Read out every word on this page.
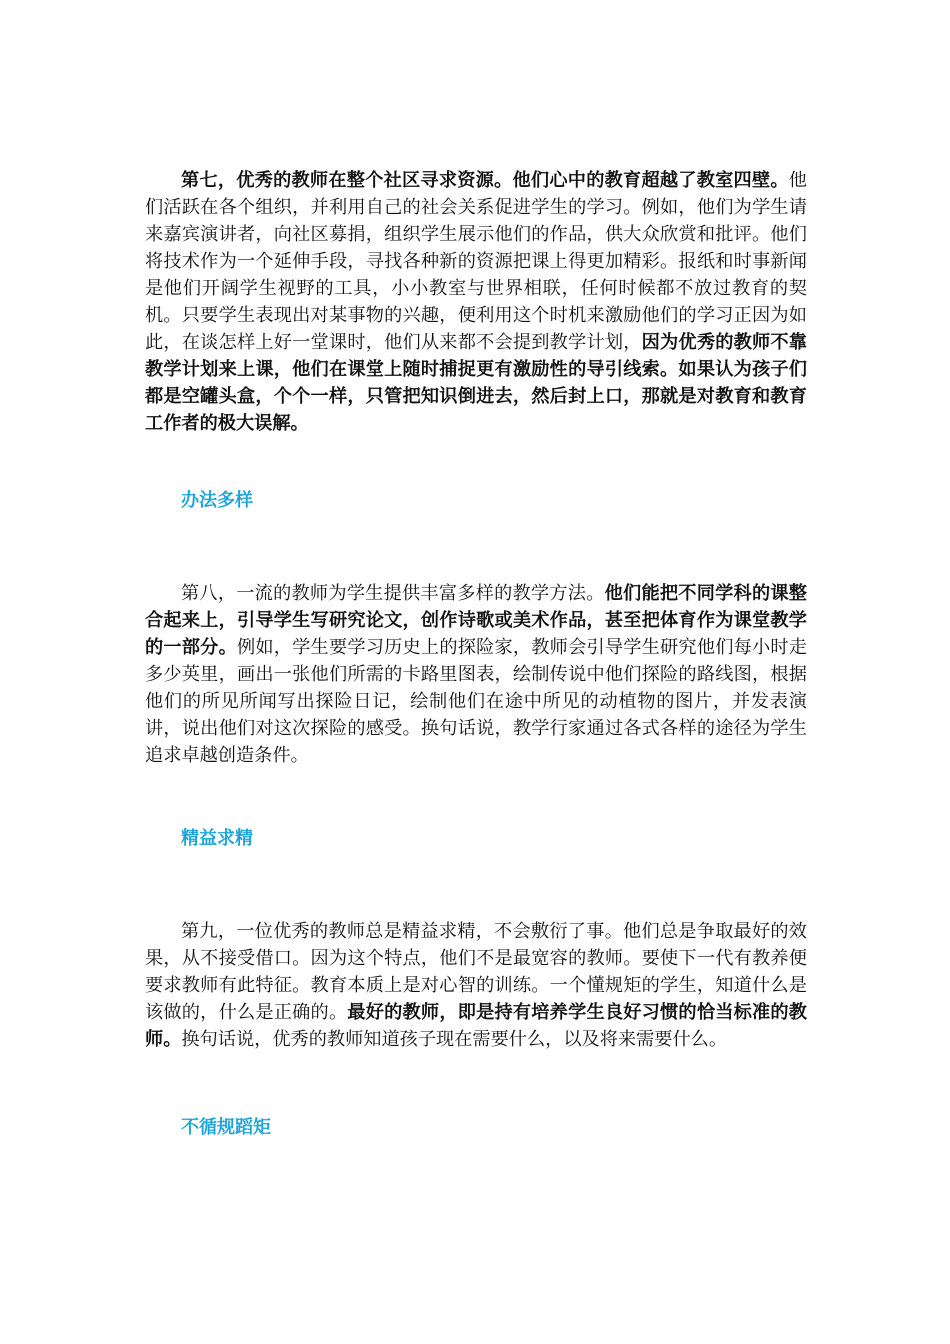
第七，优秀的教师在整个社区寻求资源。他们心中的教育超越了教室四壁。他们活跃在各个组织，并利用自己的社会关系促进学生的学习。例如，他们为学生请来嘉宾演讲者，向社区募捐，组织学生展示他们的作品，供大众欣赏和批评。他们将技术作为一个延伸手段，寻找各种新的资源把课上得更加精彩。报纸和时事新闻是他们开阔学生视野的工具，小小教室与世界相联，任何时候都不放过教育的契机。只要学生表现出对某事物的兴趣，便利用这个时机来激励他们的学习正因为如此，在谈怎样上好一堂课时，他们从来都不会提到教学计划，因为优秀的教师不靠教学计划来上课，他们在课堂上随时捕捉更有激励性的导引线索。如果认为孩子们都是空罐头盒，个个一样，只管把知识倒进去，然后封上口，那就是对教育和教育工作者的极大误解。

办法多样

第八，一流的教师为学生提供丰富多样的教学方法。他们能把不同学科的课整合起来上，引导学生写研究论文，创作诗歌或美术作品，甚至把体育作为课堂教学的一部分。例如，学生要学习历史上的探险家，教师会引导学生研究他们每小时走多少英里，画出一张他们所需的卡路里图表，绘制传说中他们探险的路线图，根据他们的所见所闻写出探险日记，绘制他们在途中所见的动植物的图片，并发表演讲，说出他们对这次探险的感受。换句话说，教学行家通过各式各样的途径为学生追求卓越创造条件。

精益求精

第九，一位优秀的教师总是精益求精，不会敷衍了事。他们总是争取最好的效果，从不接受借口。因为这个特点，他们不是最宽容的教师。要使下一代有教养便要求教师有此特征。教育本质上是对心智的训练。一个懂规矩的学生，知道什么是该做的，什么是正确的。最好的教师，即是持有培养学生良好习惯的恰当标准的教师。换句话说，优秀的教师知道孩子现在需要什么，以及将来需要什么。

不循规蹈矩
